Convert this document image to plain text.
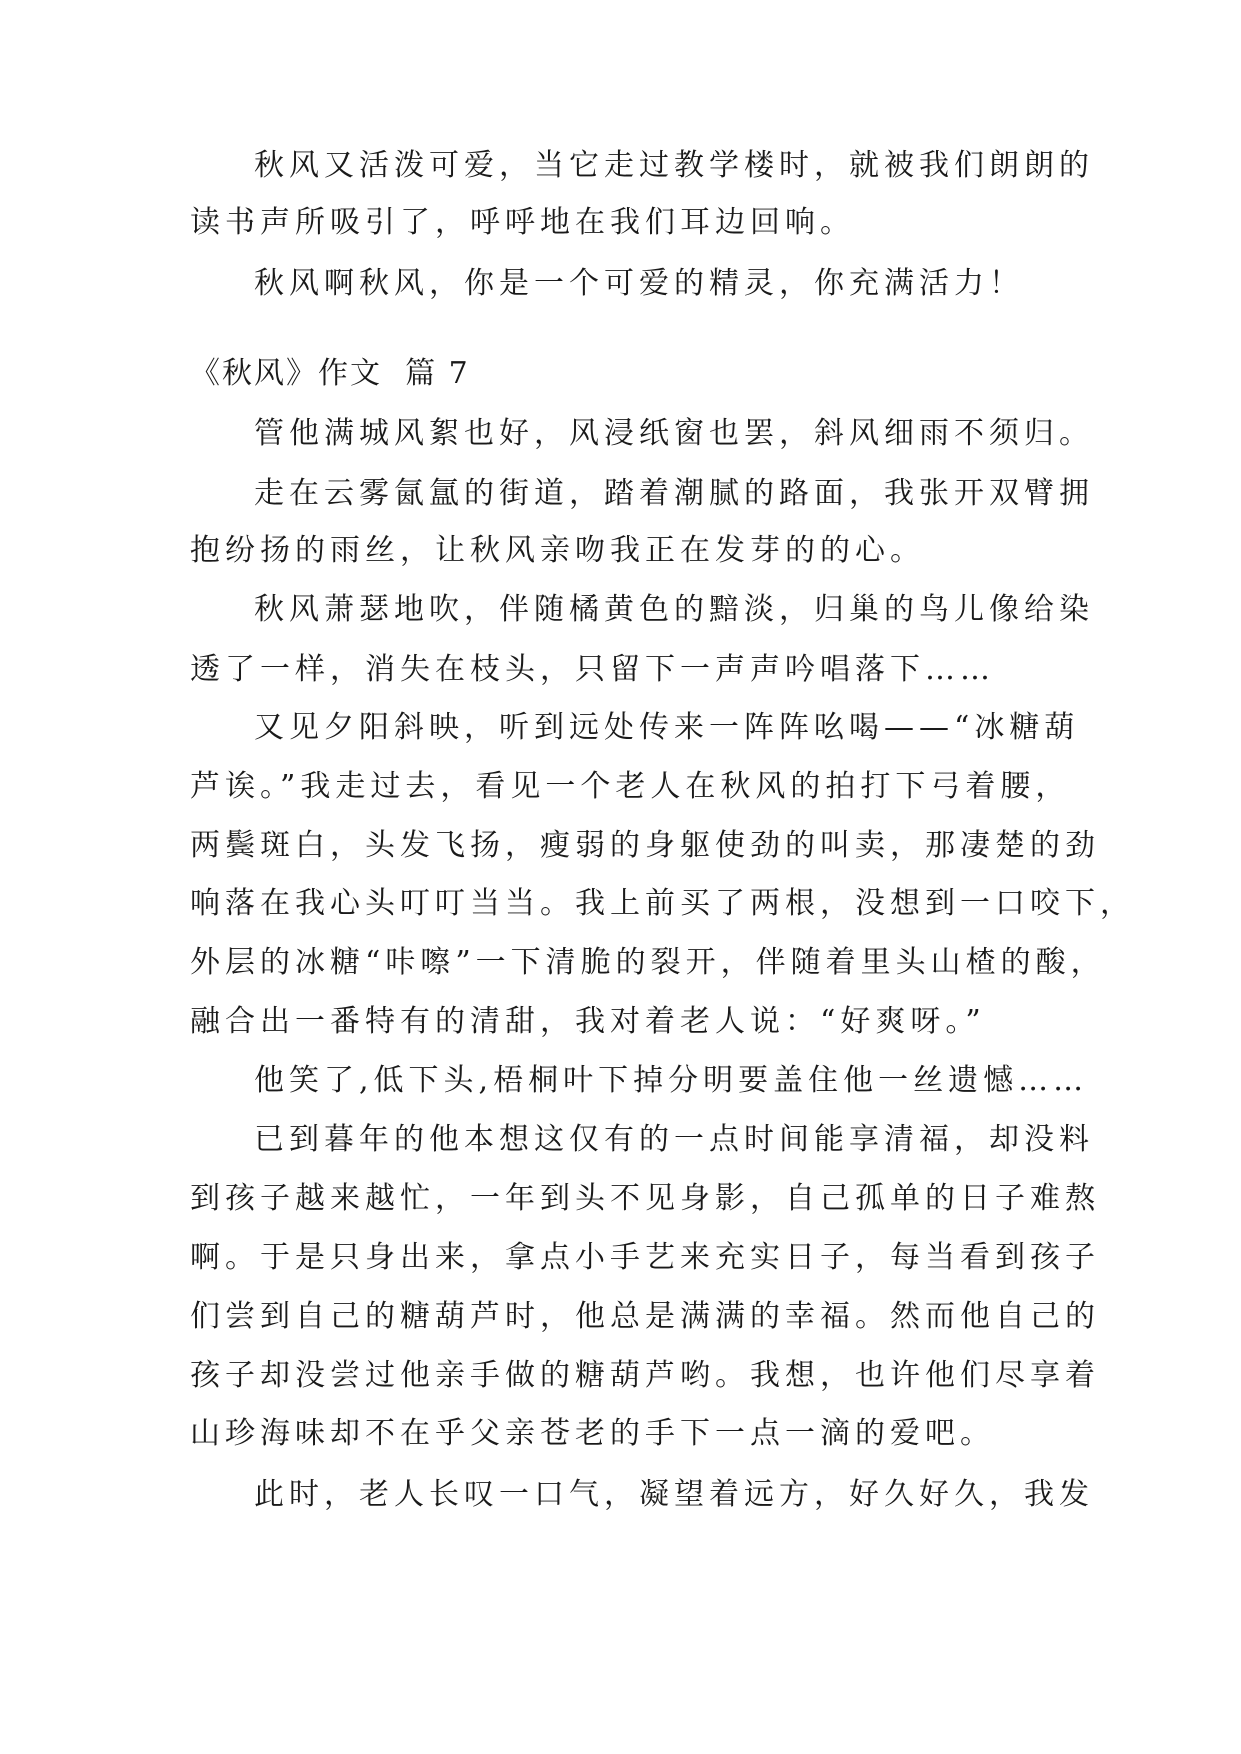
秋风又活泼可爱，当它走过教学楼时，就被我们朗朗的
读书声所吸引了，呼呼地在我们耳边回响。
秋风啊秋风，你是一个可爱的精灵，你充满活力！
《秋风》作文  篇 7
管他满城风絮也好，风浸纸窗也罢，斜风细雨不须归。
走在云雾氤氲的街道，踏着潮腻的路面，我张开双臂拥
抱纷扬的雨丝，让秋风亲吻我正在发芽的的心。
秋风萧瑟地吹，伴随橘黄色的黯淡，归巢的鸟儿像给染
透了一样，消失在枝头，只留下一声声吟唱落下……
又见夕阳斜映，听到远处传来一阵阵吆喝——“冰糖葫
芦诶。”我走过去，看见一个老人在秋风的拍打下弓着腰，
两鬓斑白，头发飞扬，瘦弱的身躯使劲的叫卖，那凄楚的劲
响落在我心头叮叮当当。我上前买了两根，没想到一口咬下，
外层的冰糖“咔嚓”一下清脆的裂开，伴随着里头山楂的酸，
融合出一番特有的清甜，我对着老人说：“好爽呀。”
他笑了,低下头,梧桐叶下掉分明要盖住他一丝遗憾……
已到暮年的他本想这仅有的一点时间能享清福，却没料
到孩子越来越忙，一年到头不见身影，自己孤单的日子难熬
啊。于是只身出来，拿点小手艺来充实日子，每当看到孩子
们尝到自己的糖葫芦时，他总是满满的幸福。然而他自己的
孩子却没尝过他亲手做的糖葫芦哟。我想，也许他们尽享着
山珍海味却不在乎父亲苍老的手下一点一滴的爱吧。
此时，老人长叹一口气，凝望着远方，好久好久，我发
